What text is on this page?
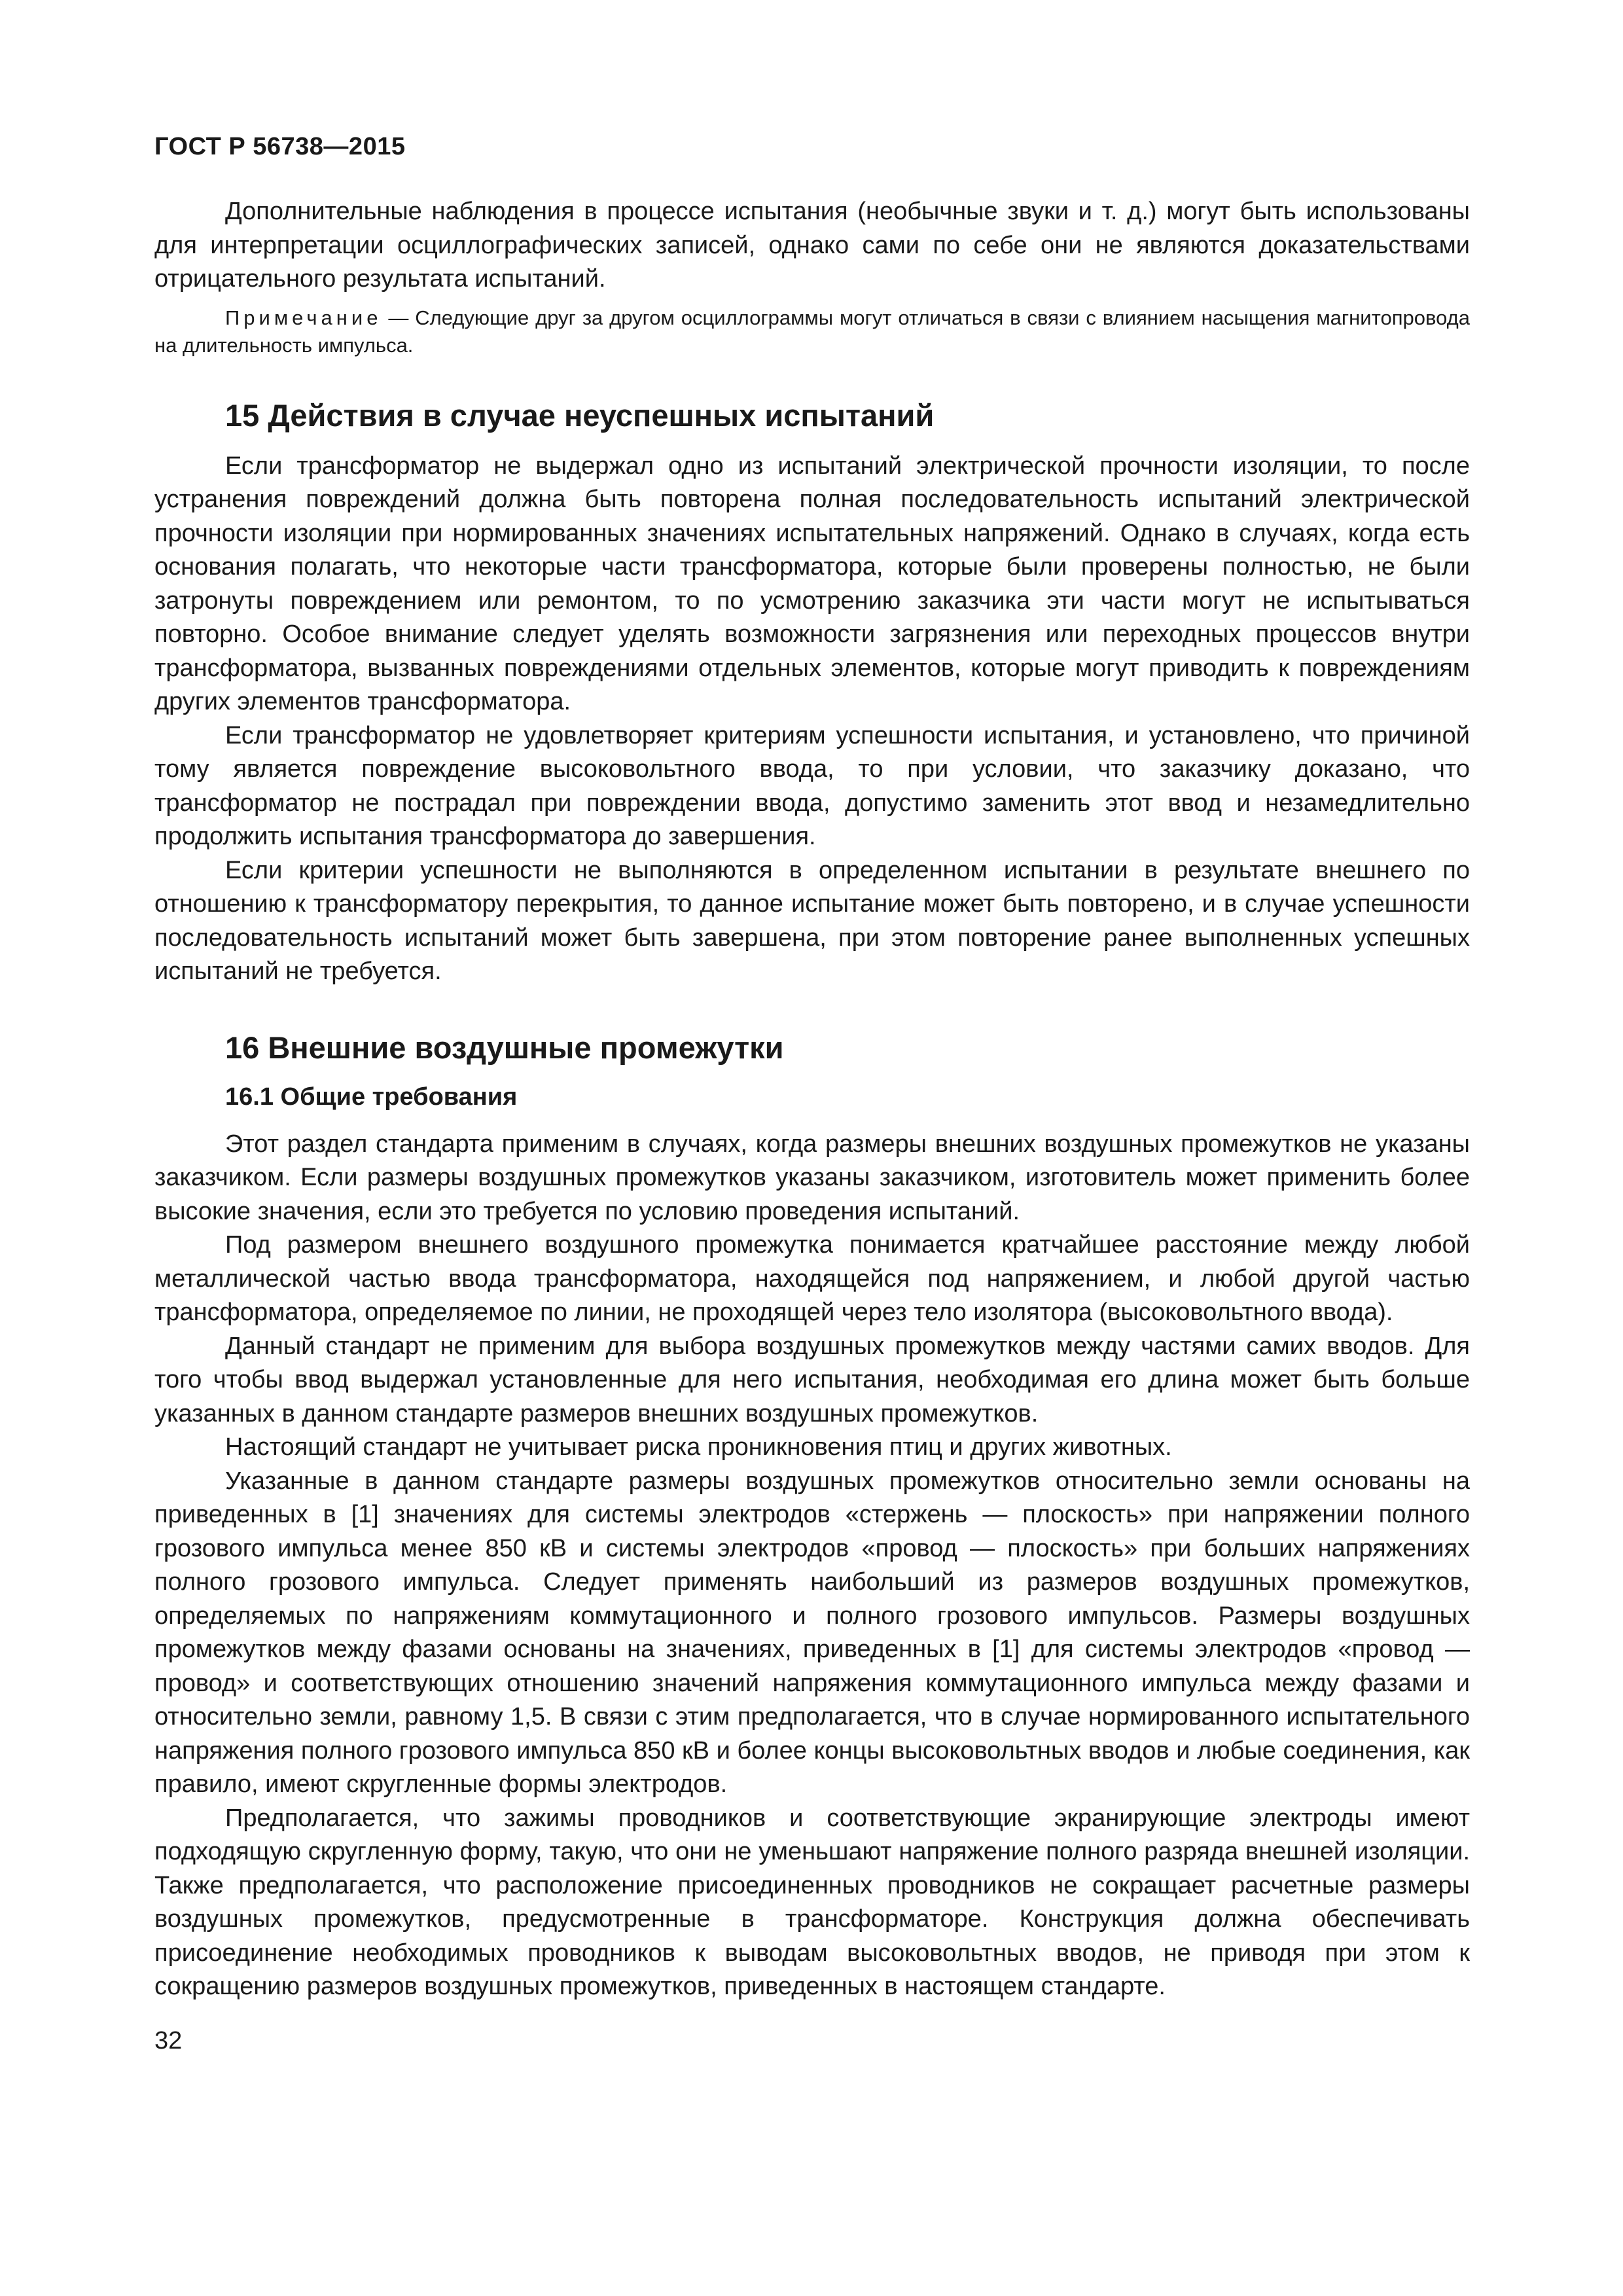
ГОСТ Р 56738—2015

Дополнительные наблюдения в процессе испытания (необычные звуки и т. д.) могут быть использованы для интерпретации осциллографических записей, однако сами по себе они не являются доказательствами отрицательного результата испытаний.

Примечание — Следующие друг за другом осциллограммы могут отличаться в связи с влиянием насыщения магнитопровода на длительность импульса.

15 Действия в случае неуспешных испытаний

Если трансформатор не выдержал одно из испытаний электрической прочности изоляции, то после устранения повреждений должна быть повторена полная последовательность испытаний электрической прочности изоляции при нормированных значениях испытательных напряжений. Однако в случаях, когда есть основания полагать, что некоторые части трансформатора, которые были проверены полностью, не были затронуты повреждением или ремонтом, то по усмотрению заказчика эти части могут не испытываться повторно. Особое внимание следует уделять возможности загрязнения или переходных процессов внутри трансформатора, вызванных повреждениями отдельных элементов, которые могут приводить к повреждениям других элементов трансформатора.

Если трансформатор не удовлетворяет критериям успешности испытания, и установлено, что причиной тому является повреждение высоковольтного ввода, то при условии, что заказчику доказано, что трансформатор не пострадал при повреждении ввода, допустимо заменить этот ввод и незамедлительно продолжить испытания трансформатора до завершения.

Если критерии успешности не выполняются в определенном испытании в результате внешнего по отношению к трансформатору перекрытия, то данное испытание может быть повторено, и в случае успешности последовательность испытаний может быть завершена, при этом повторение ранее выполненных успешных испытаний не требуется.

16 Внешние воздушные промежутки
16.1 Общие требования

Этот раздел стандарта применим в случаях, когда размеры внешних воздушных промежутков не указаны заказчиком. Если размеры воздушных промежутков указаны заказчиком, изготовитель может применить более высокие значения, если это требуется по условию проведения испытаний.

Под размером внешнего воздушного промежутка понимается кратчайшее расстояние между любой металлической частью ввода трансформатора, находящейся под напряжением, и любой другой частью трансформатора, определяемое по линии, не проходящей через тело изолятора (высоковольтного ввода).

Данный стандарт не применим для выбора воздушных промежутков между частями самих вводов. Для того чтобы ввод выдержал установленные для него испытания, необходимая его длина может быть больше указанных в данном стандарте размеров внешних воздушных промежутков.

Настоящий стандарт не учитывает риска проникновения птиц и других животных.

Указанные в данном стандарте размеры воздушных промежутков относительно земли основаны на приведенных в [1] значениях для системы электродов «стержень — плоскость» при напряжении полного грозового импульса менее 850 кВ и системы электродов «провод — плоскость» при больших напряжениях полного грозового импульса. Следует применять наибольший из размеров воздушных промежутков, определяемых по напряжениям коммутационного и полного грозового импульсов. Размеры воздушных промежутков между фазами основаны на значениях, приведенных в [1] для системы электродов «провод — провод» и соответствующих отношению значений напряжения коммутационного импульса между фазами и относительно земли, равному 1,5. В связи с этим предполагается, что в случае нормированного испытательного напряжения полного грозового импульса 850 кВ и более концы высоковольтных вводов и любые соединения, как правило, имеют скругленные формы электродов.

Предполагается, что зажимы проводников и соответствующие экранирующие электроды имеют подходящую скругленную форму, такую, что они не уменьшают напряжение полного разряда внешней изоляции. Также предполагается, что расположение присоединенных проводников не сокращает расчетные размеры воздушных промежутков, предусмотренные в трансформаторе. Конструкция должна обеспечивать присоединение необходимых проводников к выводам высоковольтных вводов, не приводя при этом к сокращению размеров воздушных промежутков, приведенных в настоящем стандарте.

32
